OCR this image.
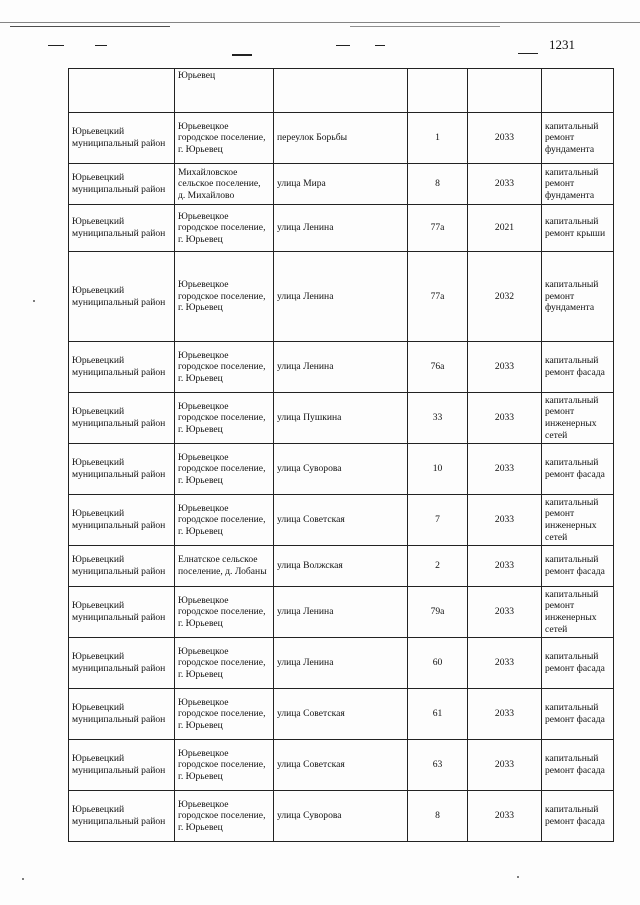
1231
	Юрьевец				
Юрьевецкий муниципальный район	Юрьевецкое городское поселение, г. Юрьевец	переулок Борьбы	1	2033	капитальный ремонт фундамента
Юрьевецкий муниципальный район	Михайловское сельское поселение, д. Михайлово	улица Мира	8	2033	капитальный ремонт фундамента
Юрьевецкий муниципальный район	Юрьевецкое городское поселение, г. Юрьевец	улица Ленина	77а	2021	капитальный ремонт крыши
Юрьевецкий муниципальный район	Юрьевецкое городское поселение, г. Юрьевец	улица Ленина	77а	2032	капитальный ремонт фундамента
Юрьевецкий муниципальный район	Юрьевецкое городское поселение, г. Юрьевец	улица Ленина	76а	2033	капитальный ремонт фасада
Юрьевецкий муниципальный район	Юрьевецкое городское поселение, г. Юрьевец	улица Пушкина	33	2033	капитальный ремонт инженерных сетей
Юрьевецкий муниципальный район	Юрьевецкое городское поселение, г. Юрьевец	улица Суворова	10	2033	капитальный ремонт фасада
Юрьевецкий муниципальный район	Юрьевецкое городское поселение, г. Юрьевец	улица Советская	7	2033	капитальный ремонт инженерных сетей
Юрьевецкий муниципальный район	Елнатское сельское поселение, д. Лобаны	улица Волжская	2	2033	капитальный ремонт фасада
Юрьевецкий муниципальный район	Юрьевецкое городское поселение, г. Юрьевец	улица Ленина	79а	2033	капитальный ремонт инженерных сетей
Юрьевецкий муниципальный район	Юрьевецкое городское поселение, г. Юрьевец	улица Ленина	60	2033	капитальный ремонт фасада
Юрьевецкий муниципальный район	Юрьевецкое городское поселение, г. Юрьевец	улица Советская	61	2033	капитальный ремонт фасада
Юрьевецкий муниципальный район	Юрьевецкое городское поселение, г. Юрьевец	улица Советская	63	2033	капитальный ремонт фасада
Юрьевецкий муниципальный район	Юрьевецкое городское поселение, г. Юрьевец	улица Суворова	8	2033	капитальный ремонт фасада
